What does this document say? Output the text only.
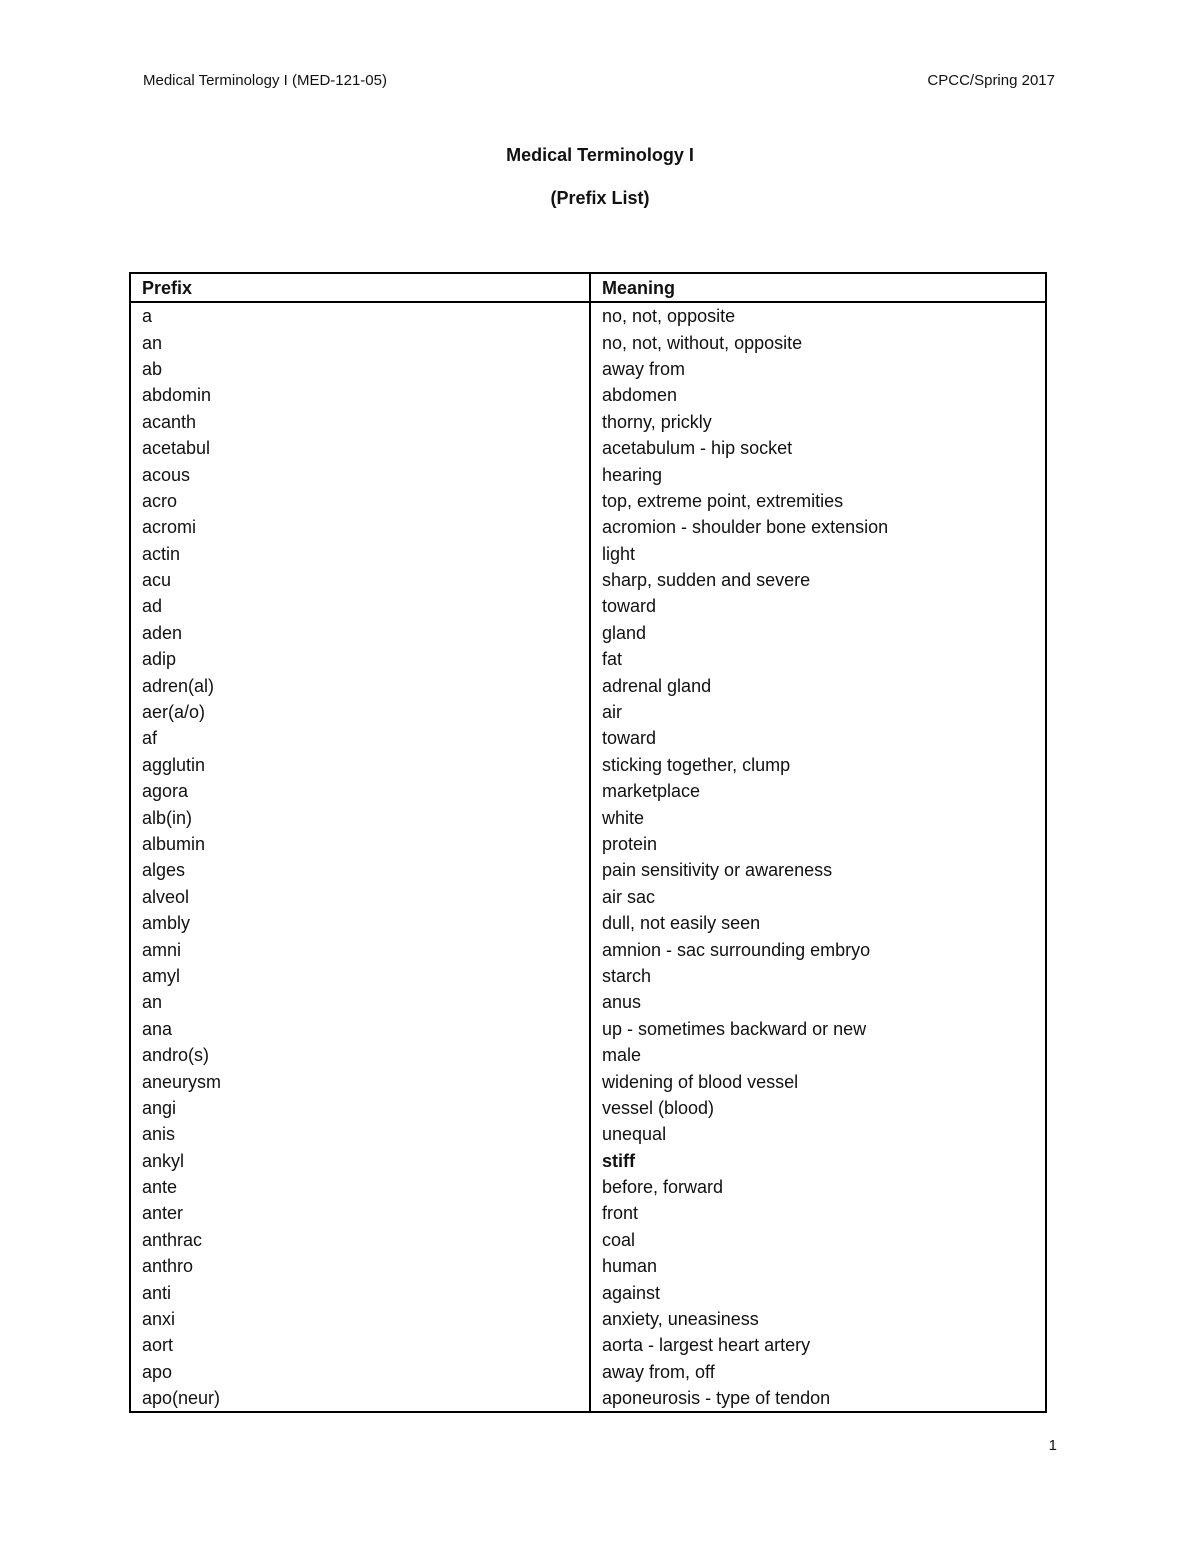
Medical Terminology I (MED-121-05)	CPCC/Spring 2017
Medical Terminology I
(Prefix List)
Prefix	Meaning
a	no, not, opposite
an	no, not, without, opposite
ab	away from
abdomin	abdomen
acanth	thorny, prickly
acetabul	acetabulum - hip socket
acous	hearing
acro	top, extreme point, extremities
acromi	acromion - shoulder bone extension
actin	light
acu	sharp, sudden and severe
ad	toward
aden	gland
adip	fat
adren(al)	adrenal gland
aer(a/o)	air
af	toward
agglutin	sticking together, clump
agora	marketplace
alb(in)	white
albumin	protein
alges	pain sensitivity or awareness
alveol	air sac
ambly	dull, not easily seen
amni	amnion - sac surrounding embryo
amyl	starch
an	anus
ana	up - sometimes backward or new
andro(s)	male
aneurysm	widening of blood vessel
angi	vessel (blood)
anis	unequal
ankyl	stiff
ante	before, forward
anter	front
anthrac	coal
anthro	human
anti	against
anxi	anxiety, uneasiness
aort	aorta - largest heart artery
apo	away from, off
apo(neur)	aponeurosis - type of tendon
1
